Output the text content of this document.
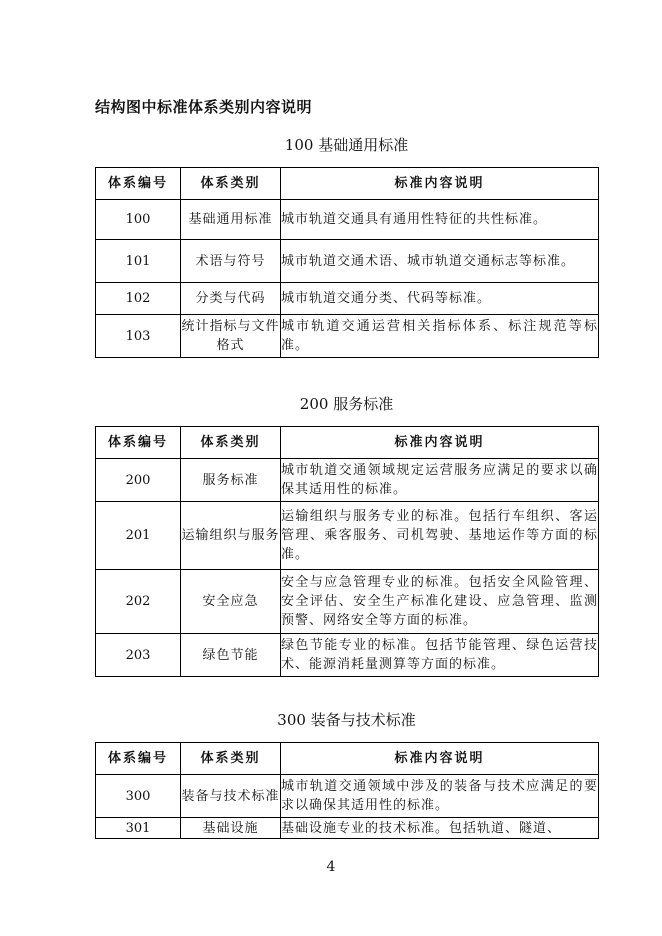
结构图中标准体系类别内容说明
100 基础通用标准
体系编号	体系类别	标准内容说明
100	基础通用标准	城市轨道交通具有通用性特征的共性标准。
101	术语与符号	城市轨道交通术语、城市轨道交通标志等标准。
102	分类与代码	城市轨道交通分类、代码等标准。
103	统计指标与文件格式	城市轨道交通运营相关指标体系、标注规范等标准。
200 服务标准
体系编号	体系类别	标准内容说明
200	服务标准	城市轨道交通领域规定运营服务应满足的要求以确保其适用性的标准。
201	运输组织与服务	运输组织与服务专业的标准。包括行车组织、客运管理、乘客服务、司机驾驶、基地运作等方面的标准。
202	安全应急	安全与应急管理专业的标准。包括安全风险管理、安全评估、安全生产标准化建设、应急管理、监测预警、网络安全等方面的标准。
203	绿色节能	绿色节能专业的标准。包括节能管理、绿色运营技术、能源消耗量测算等方面的标准。
300 装备与技术标准
体系编号	体系类别	标准内容说明
300	装备与技术标准	城市轨道交通领域中涉及的装备与技术应满足的要求以确保其适用性的标准。
301	基础设施	基础设施专业的技术标准。包括轨道、隧道、
4
